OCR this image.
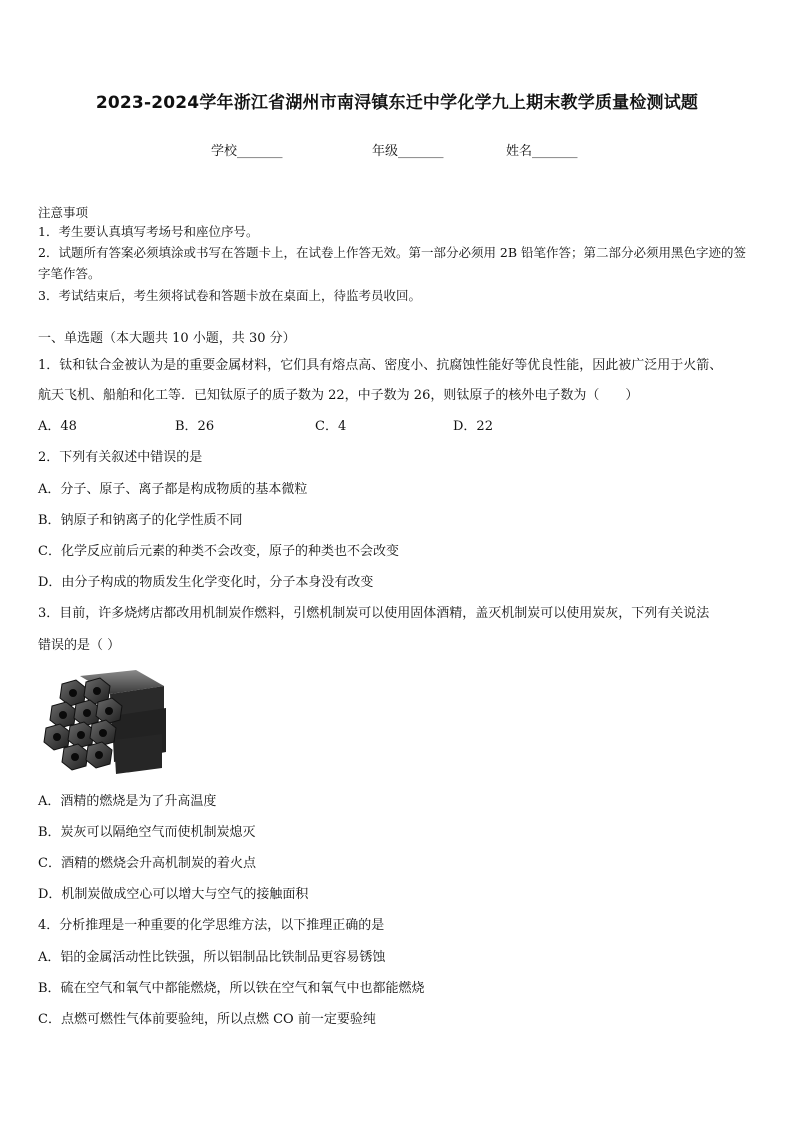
2023-2024学年浙江省湖州市南浔镇东迁中学化学九上期末教学质量检测试题
学校_______	年级_______	姓名_______
注意事项
1．考生要认真填写考场号和座位序号。
2．试题所有答案必须填涂或书写在答题卡上，在试卷上作答无效。第一部分必须用 2B 铅笔作答；第二部分必须用黑色字迹的签字笔作答。
3．考试结束后，考生须将试卷和答题卡放在桌面上，待监考员收回。
一、单选题（本大题共 10 小题，共 30 分）
1．钛和钛合金被认为是的重要金属材料，它们具有熔点高、密度小、抗腐蚀性能好等优良性能，因此被广泛用于火箭、
航天飞机、船舶和化工等．已知钛原子的质子数为 22，中子数为 26，则钛原子的核外电子数为（　　）
A．48	B．26	C．4	D．22
2．下列有关叙述中错误的是
A．分子、原子、离子都是构成物质的基本微粒
B．钠原子和钠离子的化学性质不同
C．化学反应前后元素的种类不会改变，原子的种类也不会改变
D．由分子构成的物质发生化学变化时，分子本身没有改变
3．目前，许多烧烤店都改用机制炭作燃料，引燃机制炭可以使用固体酒精，盖灭机制炭可以使用炭灰，下列有关说法
错误的是（ ）
A．酒精的燃烧是为了升高温度
B．炭灰可以隔绝空气而使机制炭熄灭
C．酒精的燃烧会升高机制炭的着火点
D．机制炭做成空心可以增大与空气的接触面积
4．分析推理是一种重要的化学思维方法，以下推理正确的是
A．铝的金属活动性比铁强，所以铝制品比铁制品更容易锈蚀
B．硫在空气和氧气中都能燃烧，所以铁在空气和氧气中也都能燃烧
C．点燃可燃性气体前要验纯，所以点燃 CO 前一定要验纯
